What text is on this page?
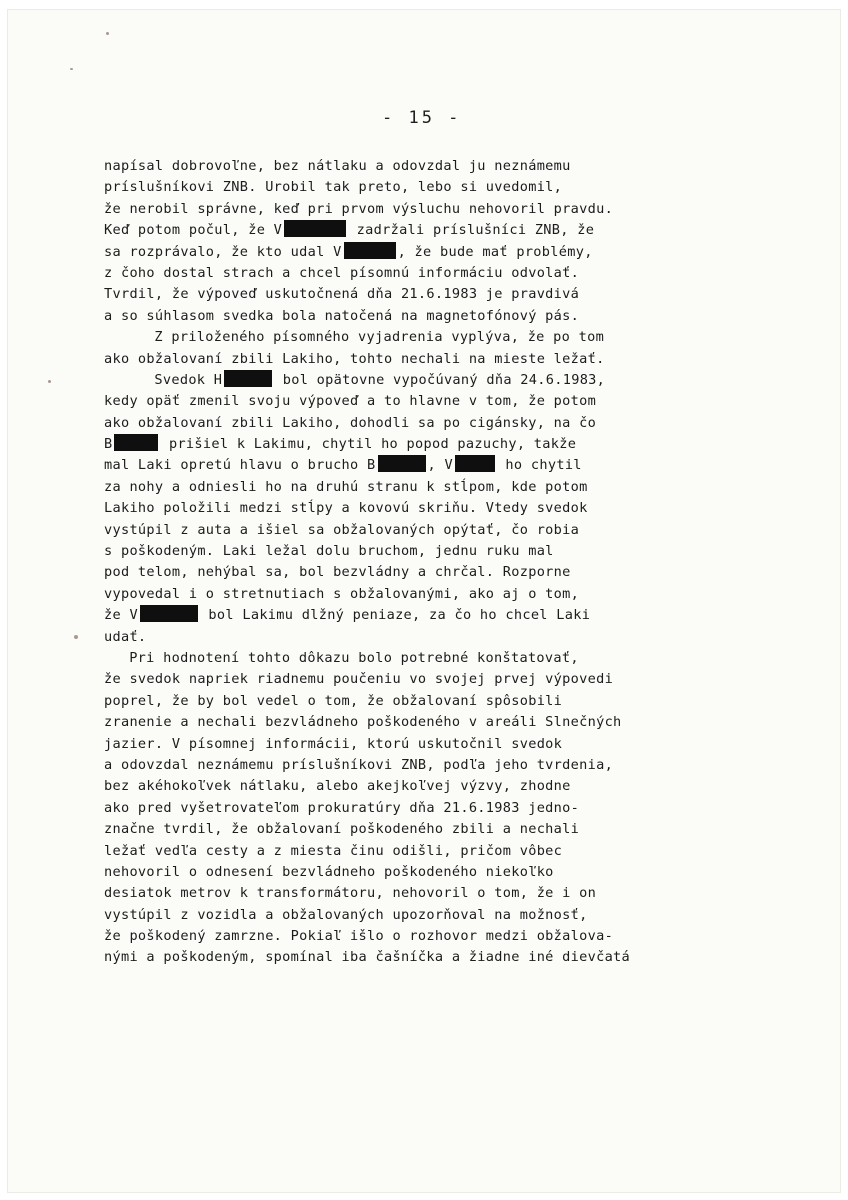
- 15 -
napísal dobrovoľne, bez nátlaku a odovzdal ju neznámemu
príslušníkovi ZNB. Urobil tak preto, lebo si uvedomil,
že nerobil správne, keď pri prvom výsluchu nehovoril pravdu.
Keď potom počul, že V	zadržali príslušníci ZNB, že
sa rozprávalo, že kto udal V	, že bude mať problémy,
z čoho dostal strach a chcel písomnú informáciu odvolať.
Tvrdil, že výpoveď uskutočnená dňa 21.6.1983 je pravdivá
a so súhlasom svedka bola natočená na magnetofónový pás.
Z priloženého písomného vyjadrenia vyplýva, že po tom
ako obžalovaní zbili Lakiho, tohto nechali na mieste ležať.
Svedok H	bol opätovne vypočúvaný dňa 24.6.1983,
kedy opäť zmenil svoju výpoveď a to hlavne v tom, že potom
ako obžalovaní zbili Lakiho, dohodli sa po cigánsky, na čo
B	prišiel k Lakimu, chytil ho popod pazuchy, takže
mal Laki opretú hlavu o brucho B	, V	ho chytil
za nohy a odniesli ho na druhú stranu k stĺpom, kde potom
Lakiho položili medzi stĺpy a kovovú skriňu. Vtedy svedok
vystúpil z auta a išiel sa obžalovaných opýtať, čo robia
s poškodeným. Laki ležal dolu bruchom, jednu ruku mal
pod telom, nehýbal sa, bol bezvládny a chrčal. Rozporne
vypovedal i o stretnutiach s obžalovanými, ako aj o tom,
že V	bol Lakimu dlžný peniaze, za čo ho chcel Laki
udať.
Pri hodnotení tohto dôkazu bolo potrebné konštatovať,
že svedok napriek riadnemu poučeniu vo svojej prvej výpovedi
poprel, že by bol vedel o tom, že obžalovaní spôsobili
zranenie a nechali bezvládneho poškodeného v areáli Slnečných
jazier. V písomnej informácii, ktorú uskutočnil svedok
a odovzdal neznámemu príslušníkovi ZNB, podľa jeho tvrdenia,
bez akéhokoľvek nátlaku, alebo akejkoľvej výzvy, zhodne
ako pred vyšetrovateľom prokuratúry dňa 21.6.1983 jedno-
značne tvrdil, že obžalovaní poškodeného zbili a nechali
ležať vedľa cesty a z miesta činu odišli, pričom vôbec
nehovoril o odnesení bezvládneho poškodeného niekoľko
desiatok metrov k transformátoru, nehovoril o tom, že i on
vystúpil z vozidla a obžalovaných upozorňoval na možnosť,
že poškodený zamrzne. Pokiaľ išlo o rozhovor medzi obžalova-
nými a poškodeným, spomínal iba čašníčka a žiadne iné dievčatá
